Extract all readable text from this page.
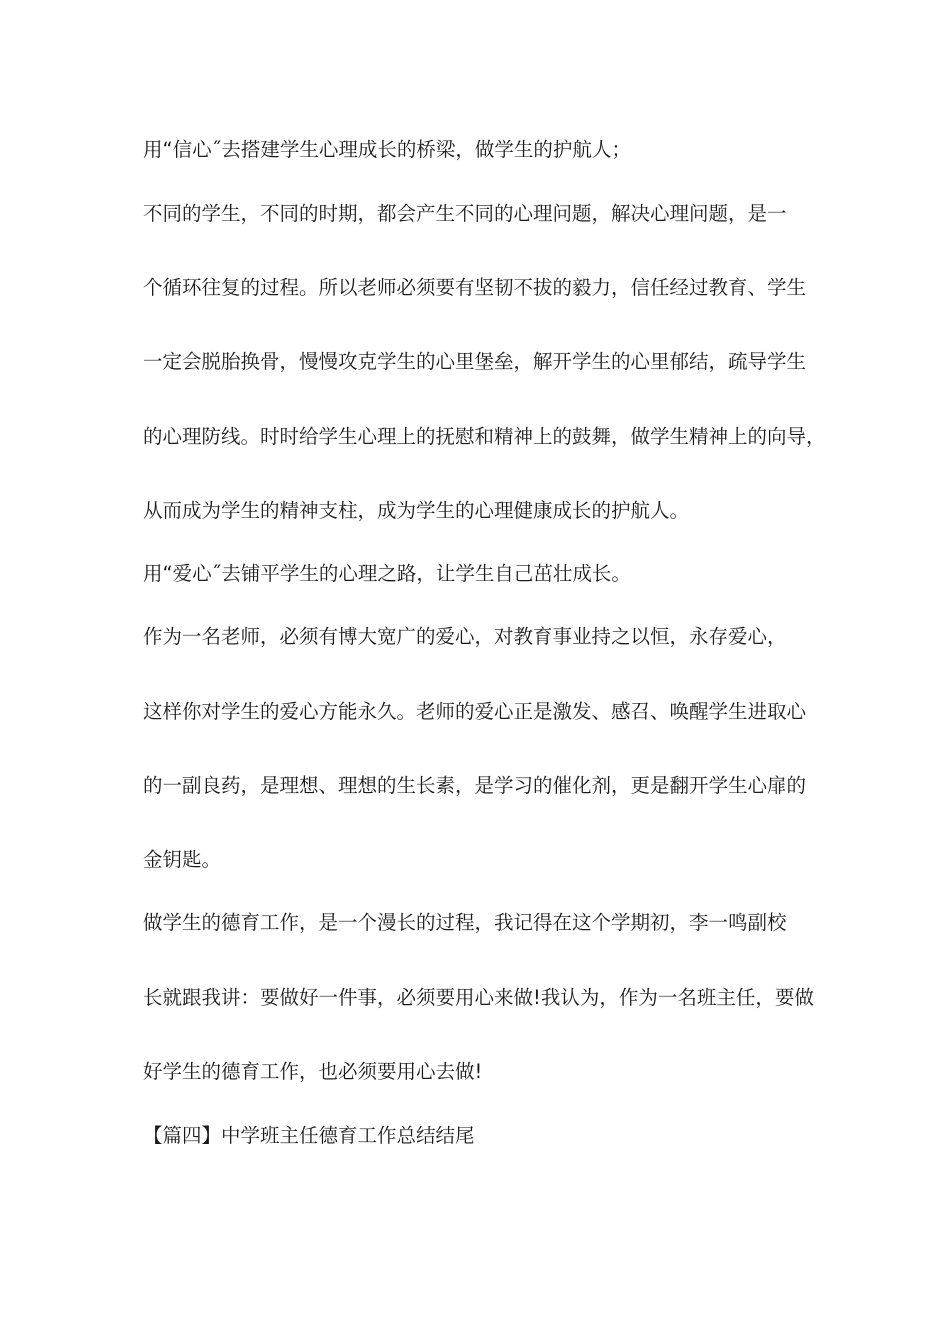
用“信心˝去搭建学生心理成长的桥梁，做学生的护航人；
不同的学生，不同的时期，都会产生不同的心理问题，解决心理问题，是一
个循环往复的过程。所以老师必须要有坚韧不拔的毅力，信任经过教育、学生
一定会脱胎换骨，慢慢攻克学生的心里堡垒，解开学生的心里郁结，疏导学生
的心理防线。时时给学生心理上的抚慰和精神上的鼓舞，做学生精神上的向导，
从而成为学生的精神支柱，成为学生的心理健康成长的护航人。
用“爱心˝去铺平学生的心理之路，让学生自己茁壮成长。
作为一名老师，必须有博大宽广的爱心，对教育事业持之以恒，永存爱心，
这样你对学生的爱心方能永久。老师的爱心正是激发、感召、唤醒学生进取心
的一副良药，是理想、理想的生长素，是学习的催化剂，更是翻开学生心扉的
金钥匙。
做学生的德育工作，是一个漫长的过程，我记得在这个学期初，李一鸣副校
长就跟我讲：要做好一件事，必须要用心来做!我认为，作为一名班主任，要做
好学生的德育工作，也必须要用心去做!
【篇四】中学班主任德育工作总结结尾
